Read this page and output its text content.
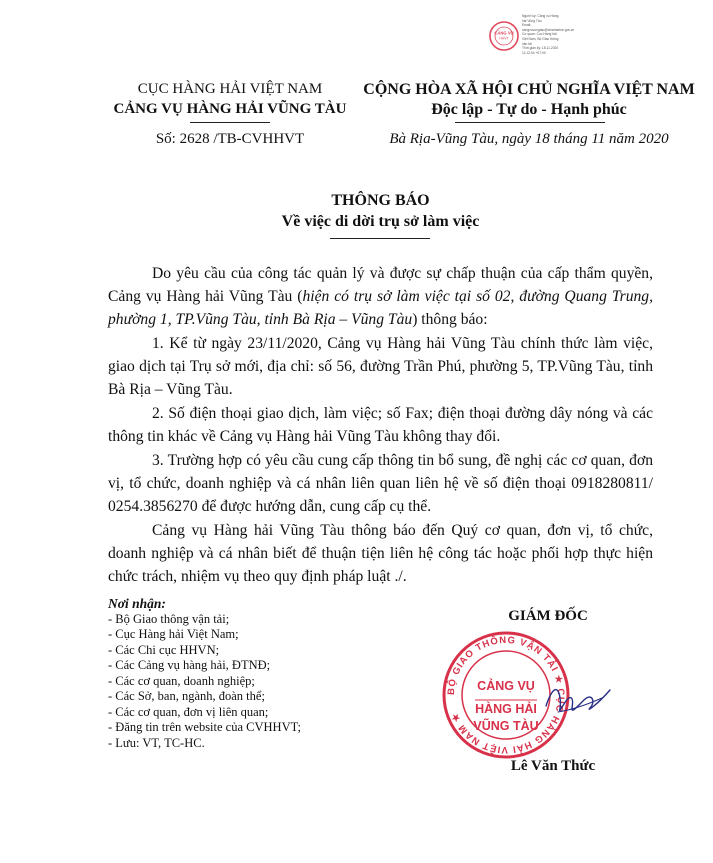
CẢNG VỤ
HHVT
Người ký: Cảng vụ Hàng
hải Vũng Tàu
Email:
cangvuvungtau@vinamarine.gov.vn
Cơ quan: Cục Hàng hải
Việt Nam, Bộ Giao thông
vận tải
Thời gian ký: 18.11.2020
11:12:04 +07:00
CỤC HÀNG HẢI VIỆT NAM
CẢNG VỤ HÀNG HẢI VŨNG TÀU
Số: 2628 /TB-CVHHVT
CỘNG HÒA XÃ HỘI CHỦ NGHĨA VIỆT NAM
Độc lập - Tự do - Hạnh phúc
Bà Rịa-Vũng Tàu, ngày 18 tháng 11 năm 2020
THÔNG BÁO
Về việc di dời trụ sở làm việc
Do yêu cầu của công tác quản lý và được sự chấp thuận của cấp thẩm quyền, Cảng vụ Hàng hải Vũng Tàu (hiện có trụ sở làm việc tại số 02, đường Quang Trung, phường 1, TP.Vũng Tàu, tỉnh Bà Rịa – Vũng Tàu) thông báo:
1. Kể từ ngày 23/11/2020, Cảng vụ Hàng hải Vũng Tàu chính thức làm việc, giao dịch tại Trụ sở mới, địa chỉ: số 56, đường Trần Phú, phường 5, TP.Vũng Tàu, tỉnh Bà Rịa – Vũng Tàu.
2. Số điện thoại giao dịch, làm việc; số Fax; điện thoại đường dây nóng và các thông tin khác về Cảng vụ Hàng hải Vũng Tàu không thay đổi.
3. Trường hợp có yêu cầu cung cấp thông tin bổ sung, đề nghị các cơ quan, đơn vị, tổ chức, doanh nghiệp và cá nhân liên quan liên hệ về số điện thoại 0918280811/ 0254.3856270 để được hướng dẫn, cung cấp cụ thể.
Cảng vụ Hàng hải Vũng Tàu thông báo đến Quý cơ quan, đơn vị, tổ chức, doanh nghiệp và cá nhân biết để thuận tiện liên hệ công tác hoặc phối hợp thực hiện chức trách, nhiệm vụ theo quy định pháp luật ./.
Nơi nhận:
- Bộ Giao thông vận tải;
- Cục Hàng hải Việt Nam;
- Các Chi cục HHVN;
- Các Cảng vụ hàng hải, ĐTNĐ;
- Các cơ quan, doanh nghiệp;
- Các Sở, ban, ngành, đoàn thể;
- Các cơ quan, đơn vị liên quan;
- Đăng tin trên website của CVHHVT;
- Lưu: VT, TC-HC.
GIÁM ĐỐC
BỘ GIAO THÔNG VẬN TẢI ★ CỤC HÀNG HẢI VIỆT NAM ★
CẢNG VỤ
HÀNG HẢI
VŨNG TÀU
Lê Văn Thức
